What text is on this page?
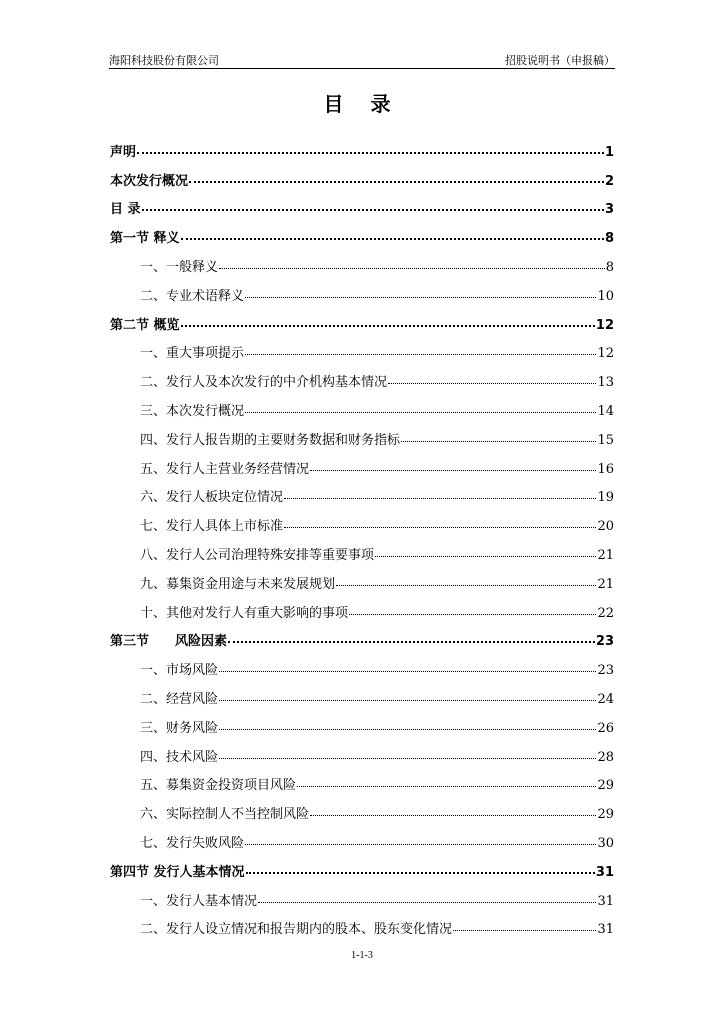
海阳科技股份有限公司	招股说明书（申报稿）
目 录
声明	1
本次发行概况	2
目 录	3
第一节 释义	8
一、一般释义	8
二、专业术语释义	10
第二节 概览	12
一、重大事项提示	12
二、发行人及本次发行的中介机构基本情况	13
三、本次发行概况	14
四、发行人报告期的主要财务数据和财务指标	15
五、发行人主营业务经营情况	16
六、发行人板块定位情况	19
七、发行人具体上市标准	20
八、发行人公司治理特殊安排等重要事项	21
九、募集资金用途与未来发展规划	21
十、其他对发行人有重大影响的事项	22
第三节　　风险因素	23
一、市场风险	23
二、经营风险	24
三、财务风险	26
四、技术风险	28
五、募集资金投资项目风险	29
六、实际控制人不当控制风险	29
七、发行失败风险	30
第四节 发行人基本情况	31
一、发行人基本情况	31
二、发行人设立情况和报告期内的股本、股东变化情况	31
1-1-3
